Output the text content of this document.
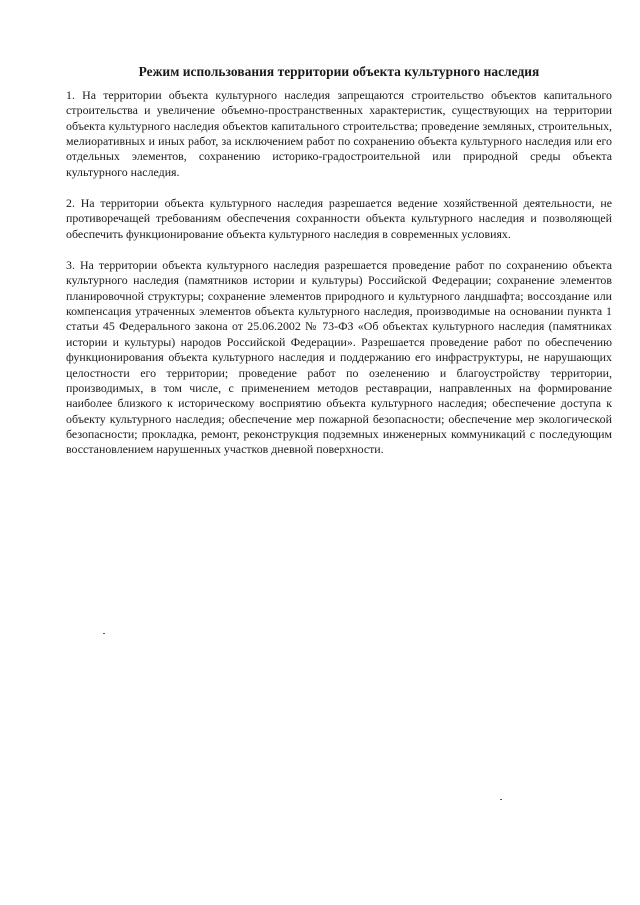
Режим использования территории объекта культурного наследия

1. На территории объекта культурного наследия запрещаются строительство объектов капитального строительства и увеличение объемно-пространственных характеристик, существующих на территории объекта культурного наследия объектов капитального строительства; проведение земляных, строительных, мелиоративных и иных работ, за исключением работ по сохранению объекта культурного наследия или его отдельных элементов, сохранению историко-градостроительной или природной среды объекта культурного наследия.

2. На территории объекта культурного наследия разрешается ведение хозяйственной деятельности, не противоречащей требованиям обеспечения сохранности объекта культурного наследия и позволяющей обеспечить функционирование объекта культурного наследия в современных условиях.

3. На территории объекта культурного наследия разрешается проведение работ по сохранению объекта культурного наследия (памятников истории и культуры) Российской Федерации; сохранение элементов планировочной структуры; сохранение элементов природного и культурного ландшафта; воссоздание или компенсация утраченных элементов объекта культурного наследия, производимые на основании пункта 1 статьи 45 Федерального закона от 25.06.2002 № 73-ФЗ «Об объектах культурного наследия (памятниках истории и культуры) народов Российской Федерации». Разрешается проведение работ по обеспечению функционирования объекта культурного наследия и поддержанию его инфраструктуры, не нарушающих целостности его территории; проведение работ по озеленению и благоустройству территории, производимых, в том числе, с применением методов реставрации, направленных на формирование наиболее близкого к историческому восприятию объекта культурного наследия; обеспечение доступа к объекту культурного наследия; обеспечение мер пожарной безопасности; обеспечение мер экологической безопасности; прокладка, ремонт, реконструкция подземных инженерных коммуникаций с последующим восстановлением нарушенных участков дневной поверхности.
